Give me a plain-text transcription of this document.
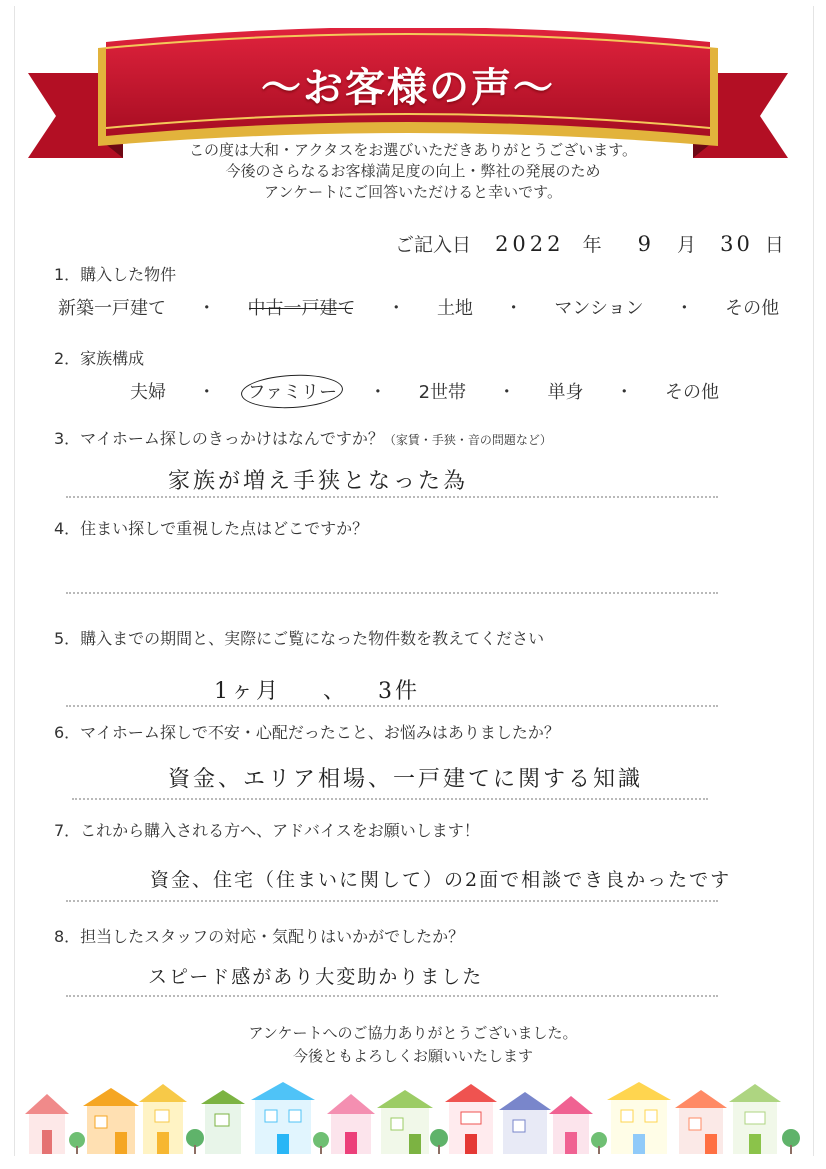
～お客様の声～
この度は大和・アクタスをお選びいただきありがとうございます。
今後のさらなるお客様満足度の向上・弊社の発展のため
アンケートにご回答いただけると幸いです。
ご記入日 2022 年 9 月 30 日
1．購入した物件
新築一戸建て ・ 中古一戸建て ・ 土地 ・ マンション ・ その他
2．家族構成
夫婦 ・ ファミリー ・ 2世帯 ・ 単身 ・ その他
3．マイホーム探しのきっかけはなんですか？（家賃・手狭・音の問題など）
家族が増え手狭となった為
4．住まい探しで重視した点はどこですか？
5．購入までの期間と、実際にご覧になった物件数を教えてください
1ヶ月 、 3件
6．マイホーム探しで不安・心配だったこと、お悩みはありましたか？
資金、エリア相場、一戸建てに関する知識
7．これから購入される方へ、アドバイスをお願いします！
資金、住宅（住まいに関して）の2面で相談でき良かったです
8．担当したスタッフの対応・気配りはいかがでしたか？
スピード感があり大変助かりました
アンケートへのご協力ありがとうございました。
今後ともよろしくお願いいたします
